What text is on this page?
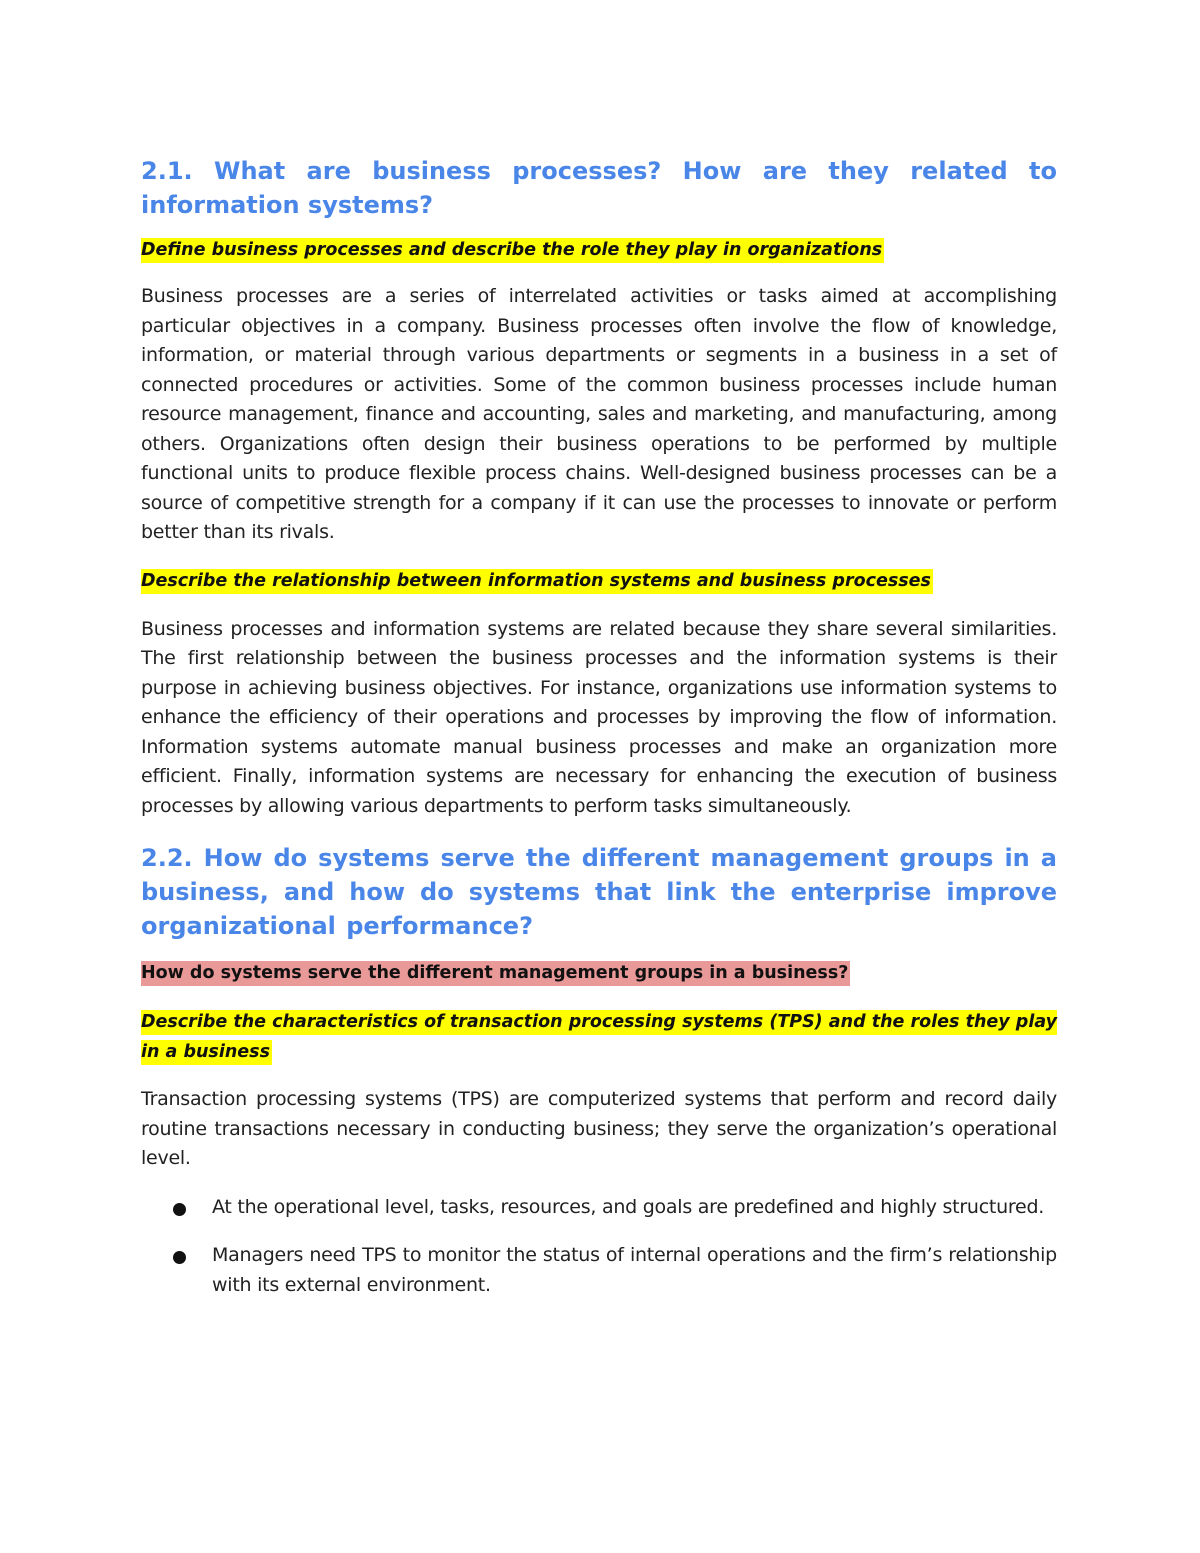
2.1. What are business processes? How are they related to information systems?

Define business processes and describe the role they play in organizations

Business processes are a series of interrelated activities or tasks aimed at accomplishing particular objectives in a company. Business processes often involve the flow of knowledge, information, or material through various departments or segments in a business in a set of connected procedures or activities. Some of the common business processes include human resource management, finance and accounting, sales and marketing, and manufacturing, among others. Organizations often design their business operations to be performed by multiple functional units to produce flexible process chains. Well-designed business processes can be a source of competitive strength for a company if it can use the processes to innovate or perform better than its rivals.

Describe the relationship between information systems and business processes

Business processes and information systems are related because they share several similarities. The first relationship between the business processes and the information systems is their purpose in achieving business objectives. For instance, organizations use information systems to enhance the efficiency of their operations and processes by improving the flow of information. Information systems automate manual business processes and make an organization more efficient. Finally, information systems are necessary for enhancing the execution of business processes by allowing various departments to perform tasks simultaneously.

2.2. How do systems serve the different management groups in a business, and how do systems that link the enterprise improve organizational performance?

How do systems serve the different management groups in a business?

Describe the characteristics of transaction processing systems (TPS) and the roles they play in a business

Transaction processing systems (TPS) are computerized systems that perform and record daily routine transactions necessary in conducting business; they serve the organization’s operational level.

At the operational level, tasks, resources, and goals are predefined and highly structured.
Managers need TPS to monitor the status of internal operations and the firm’s relationship with its external environment.
